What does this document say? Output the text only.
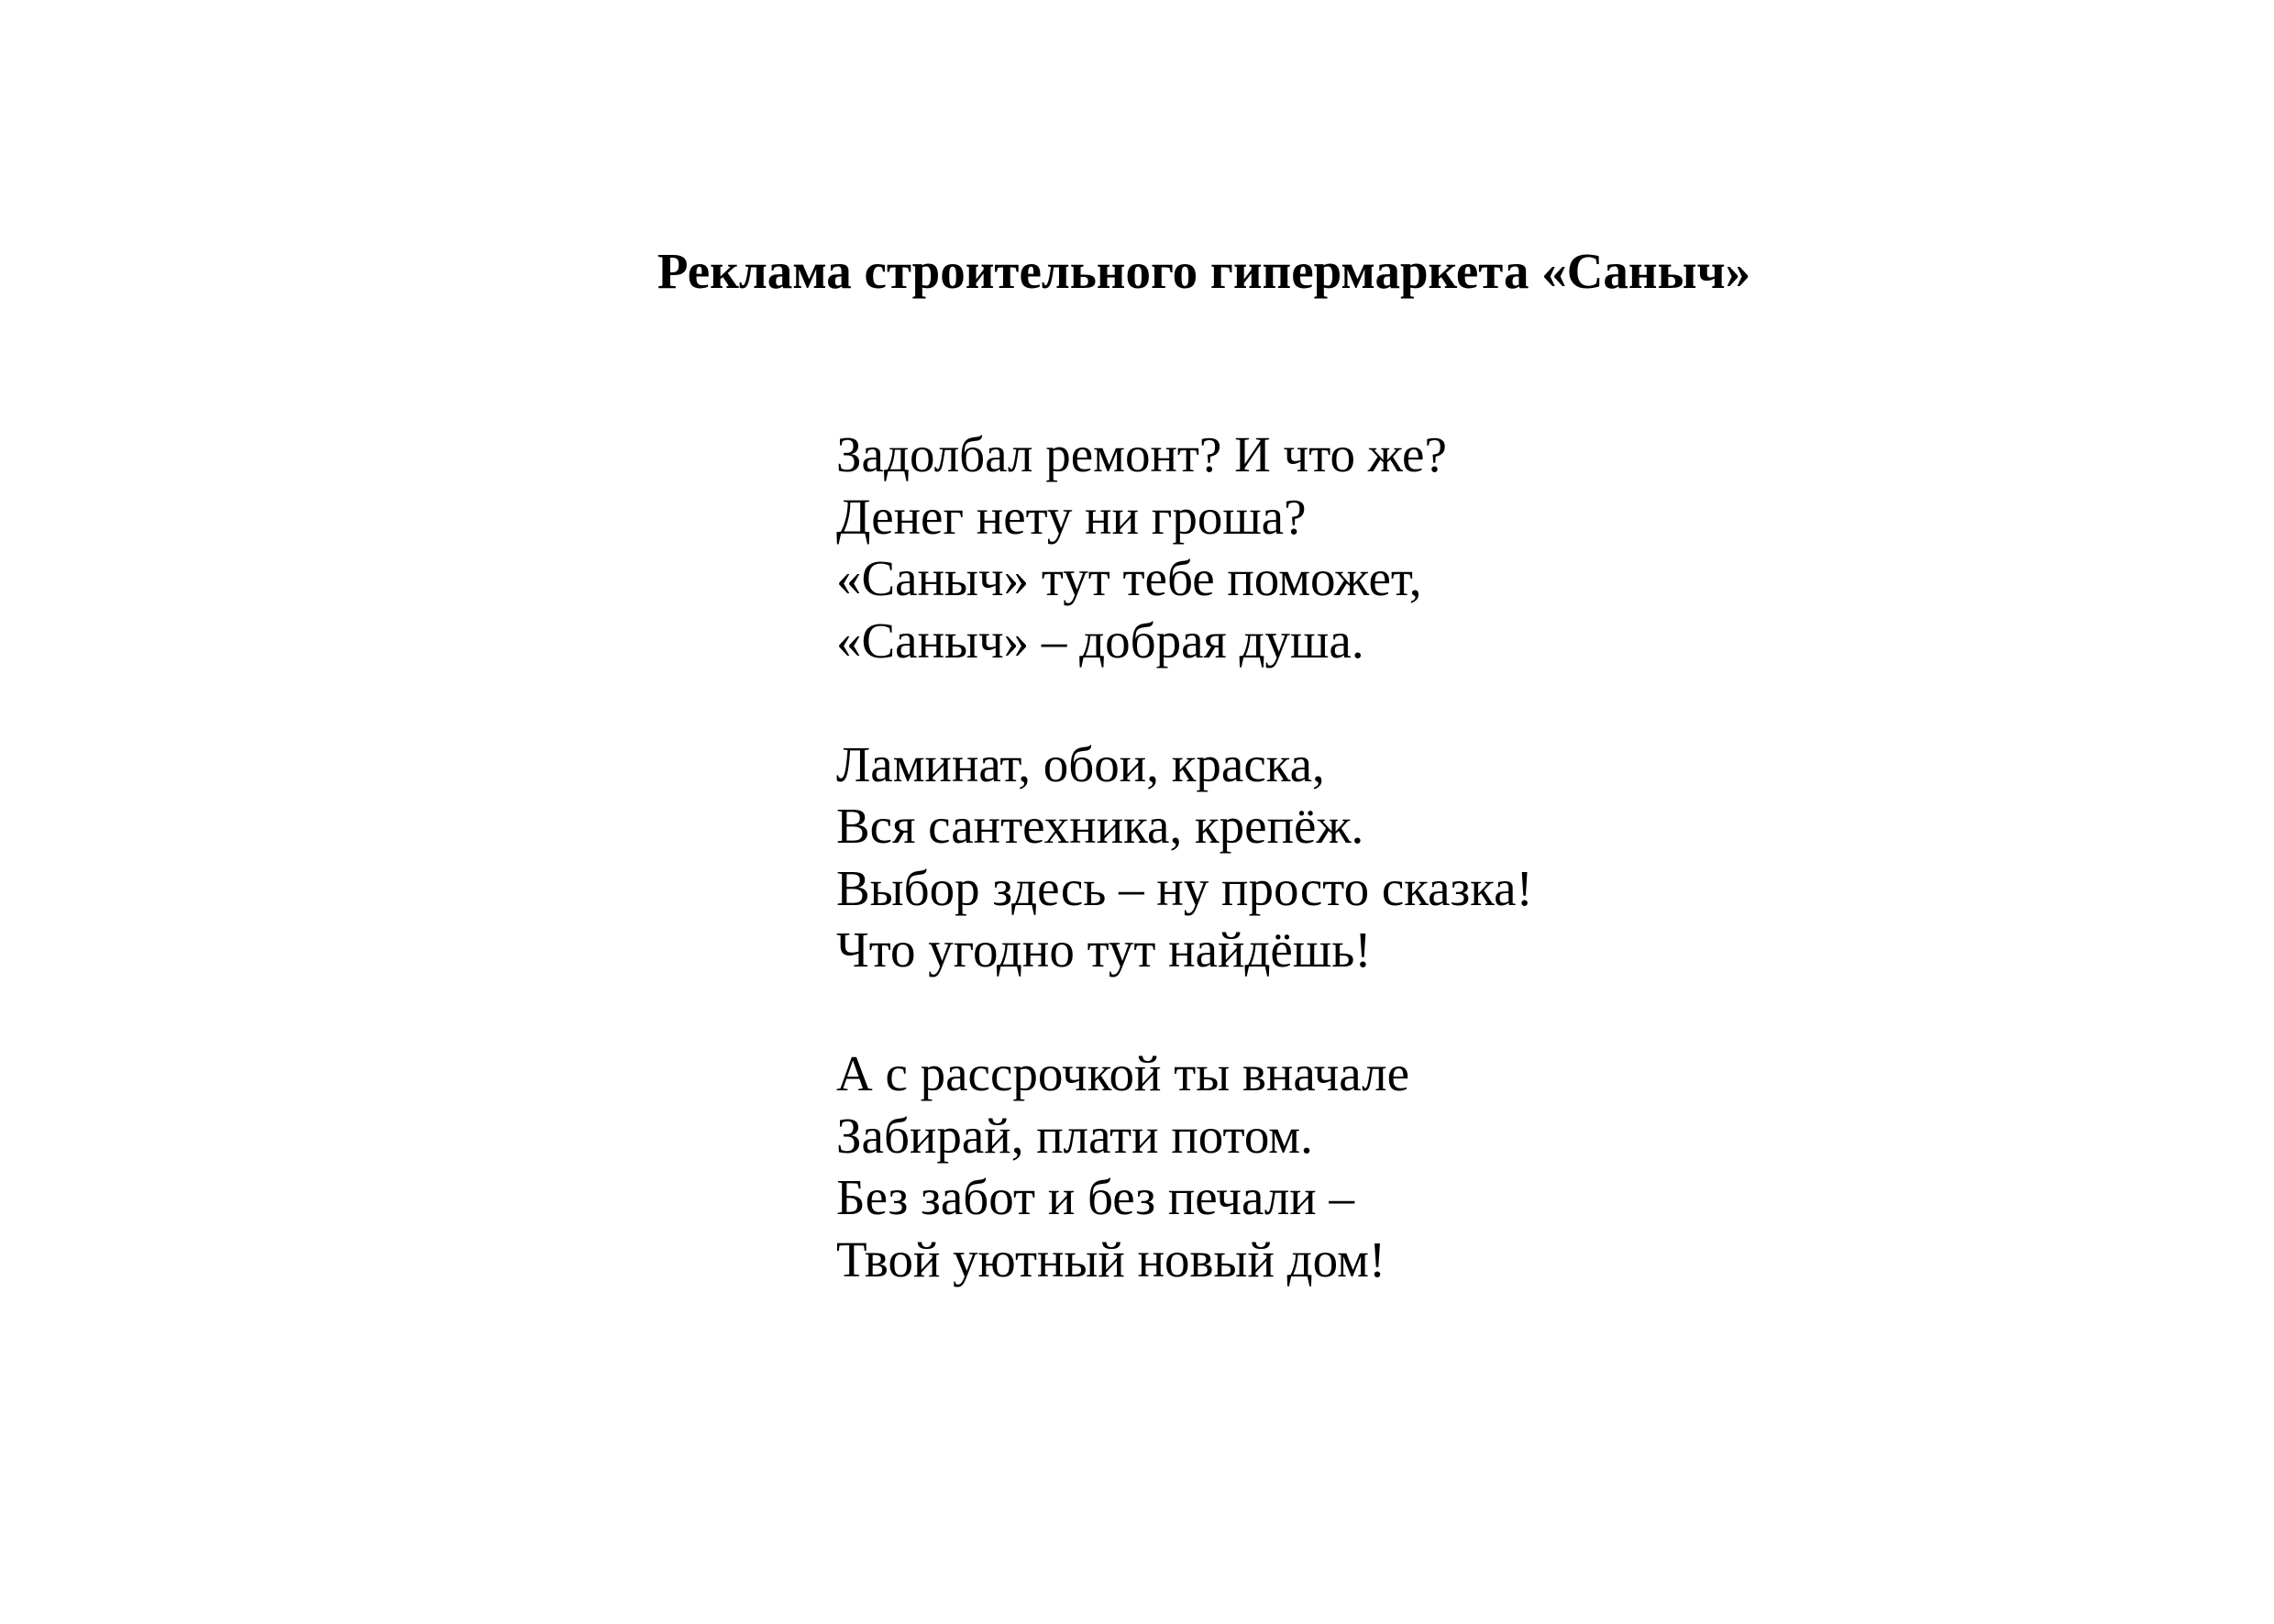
Реклама строительного гипермаркета «Саныч»

Задолбал ремонт? И что же?
Денег нету ни гроша?
«Саныч» тут тебе поможет,
«Саныч» – добрая душа.

Ламинат, обои, краска,
Вся сантехника, крепёж.
Выбор здесь – ну просто сказка!
Что угодно тут найдёшь!

А с рассрочкой ты вначале
Забирай, плати потом.
Без забот и без печали –
Твой уютный новый дом!
